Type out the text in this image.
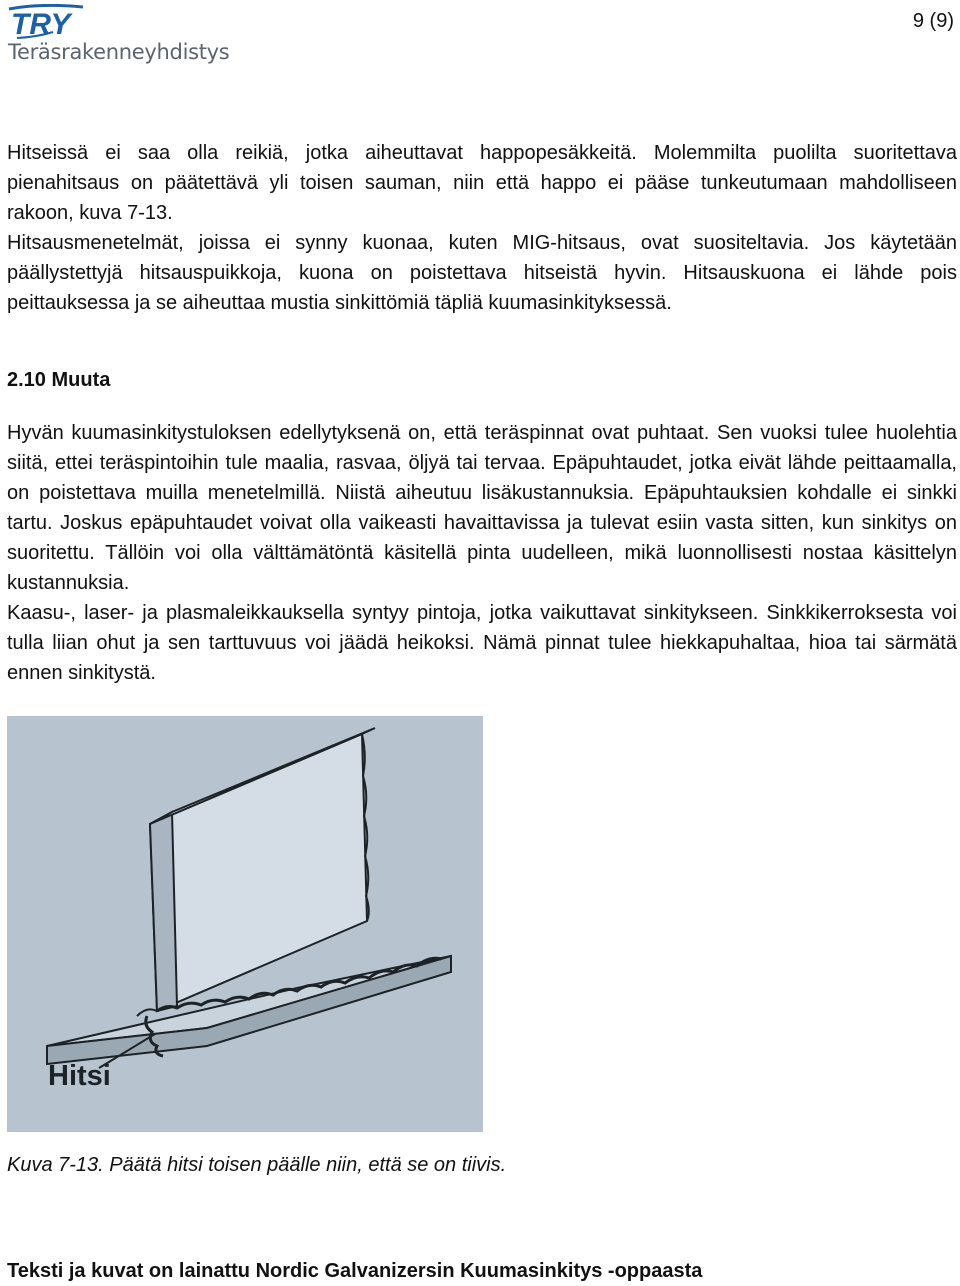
TRY
Teräsrakenneyhdistys
9 (9)

Hitseissä ei saa olla reikiä, jotka aiheuttavat happopesäkkeitä. Molemmilta puolilta suoritettava pienahitsaus on päätettävä yli toisen sauman, niin että happo ei pääse tunkeutumaan mahdolliseen rakoon, kuva 7-13.

Hitsausmenetelmät, joissa ei synny kuonaa, kuten MIG-hitsaus, ovat suositeltavia. Jos käytetään päällystettyjä hitsauspuikkoja, kuona on poistettava hitseistä hyvin. Hitsauskuona ei lähde pois peittauksessa ja se aiheuttaa mustia sinkittömiä täpliä kuumasinkityksessä.

2.10 Muuta

Hyvän kuumasinkitystuloksen edellytyksenä on, että teräspinnat ovat puhtaat. Sen vuoksi tulee huolehtia siitä, ettei teräspintoihin tule maalia, rasvaa, öljyä tai tervaa. Epäpuhtaudet, jotka eivät lähde peittaamalla, on poistettava muilla menetelmillä. Niistä aiheutuu lisäkustannuksia. Epäpuhtauksien kohdalle ei sinkki tartu. Joskus epäpuhtaudet voivat olla vaikeasti havaittavissa ja tulevat esiin vasta sitten, kun sinkitys on suoritettu. Tällöin voi olla välttämätöntä käsitellä pinta uudelleen, mikä luonnollisesti nostaa käsittelyn kustannuksia.

Kaasu-, laser- ja plasmaleikkauksella syntyy pintoja, jotka vaikuttavat sinkitykseen. Sinkkikerroksesta voi tulla liian ohut ja sen tarttuvuus voi jäädä heikoksi. Nämä pinnat tulee hiekkapuhaltaa, hioa tai särmätä ennen sinkitystä.

Hitsi
Kuva 7-13. Päätä hitsi toisen päälle niin, että se on tiivis.
Teksti ja kuvat on lainattu Nordic Galvanizersin Kuumasinkitys -oppaasta
